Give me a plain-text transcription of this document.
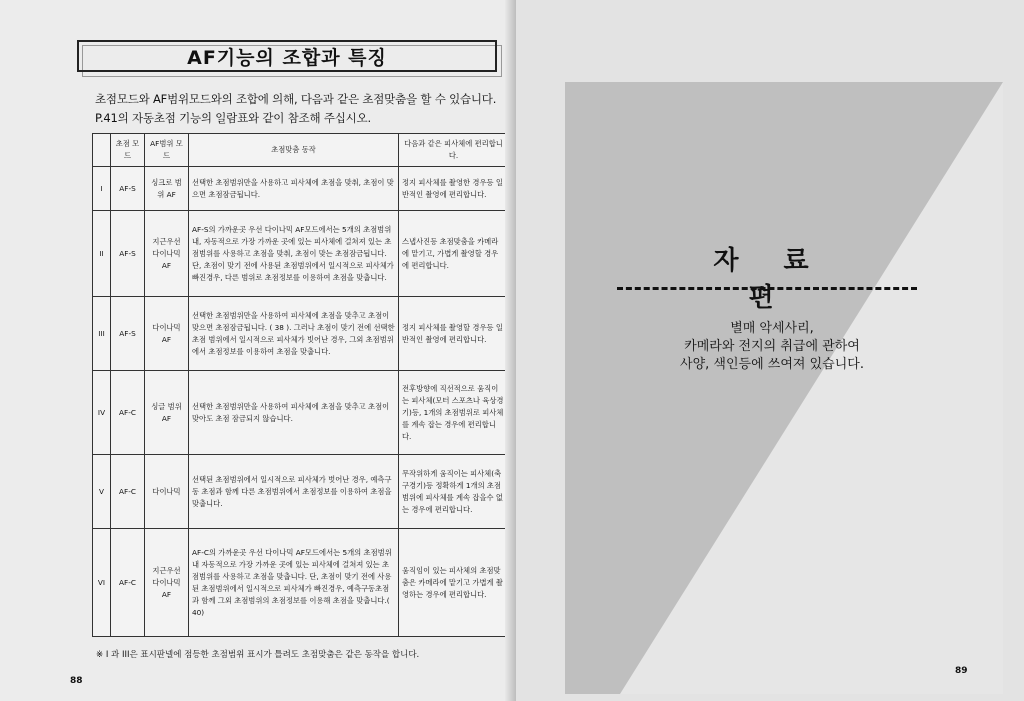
AF기능의 조합과 특징
초점모드와 AF범위모드와의 조합에 의해, 다음과 같은 초점맞춤을 할 수 있습니다. P.41의 자동초점 기능의 일람표와 같이 참조해 주십시오.
	초점 모드	AF범위 모드	초점맞춤 동작	다음과 같은 피사체에 편리합니다.
I	AF-S	싱크로 범위 AF	선택한 초점범위만을 사용하고 피사체에 초점을 맞춰, 초점이 맞으면 초점잠금됩니다.	정지 피사체를 촬영한 경우등 일반적인 촬영에 편리합니다.
II	AF-S	지근우선 다이나믹 AF	AF-S의 가까운곳 우선 다이나믹 AF모드에서는 5개의 초점범위내, 자동적으로 가장 가까운 곳에 있는 피사체에 걸쳐져 있는 초점범위를 사용하고 초점을 맞춰, 초점이 맞는 초점잠금됩니다. 단, 초점이 맞기 전에 사용된 초점범위에서 일시적으로 피사체가 빠진경우, 다른 범위로 초점정보를 이용하여 초점을 맞춥니다.	스냅사진등 초점맞춤을 카메라에 맡기고, 가볍게 촬영할 경우에 편리합니다.
III	AF-S	다이나믹 AF	선택한 초점범위만을 사용하여 피사체에 초점을 맞추고 초점이 맞으면 초점잠금됩니다. ( 38 ). 그러나 초점이 맞기 전에 선택한 초점 범위에서 일시적으로 피사체가 빗어난 경우, 그외 초점범위에서 초점정보를 이용하여 초점을 맞춥니다.	정지 피사체를 촬영할 경우등 일반적인 촬영에 편리합니다.
IV	AF-C	싱글 범위 AF	선택한 초점범위만을 사용하여 피사체에 초점을 맞추고 초점이 맞아도 초점 잠금되지 않습니다.	전후방향에 직선적으로 움직이는 피사체(모터 스포츠나 육상경기)등, 1개의 초점범위로 피사체를 계속 잡는 경우에 편리합니다.
V	AF-C	다이나믹	선택된 초점범위에서 일시적으로 피사체가 벗어난 경우, 예측구동 초점과 함께 다른 초점범위에서 초점정보를 이용하여 초점을 맞춥니다.	무작위하게 움직이는 피사체(축구경기)등 정확하게 1개의 초점범위에 피사체를 계속 잡을수 없는 경우에 편리합니다.
VI	AF-C	지근우선 다이나믹 AF	AF-C의 가까운곳 우선 다이나믹 AF모드에서는 5개의 초점범위내 자동적으로 가장 가까운 곳에 있는 피사체에 걸쳐져 있는 초점범위를 사용하고 초점을 맞춥니다. 단, 초점이 맞기 전에 사용된 초점범위에서 일시적으로 피사체가 빠진경우, 예측구동초점과 함께 그외 초점범위의 초점정보를 이용해 초점을 맞춥니다.( 40)	움직임이 있는 피사체의 초점맞춤은 카메라에 맡기고 가볍게 촬영하는 경우에 편리합니다.
※ I 과 III은 표시판넬에 점등한 초점범위 표시가 틀려도 초점맞춤은 같은 동작을 합니다.
88
자 료 편
별매 악세사리,
카메라와 전지의 취급에 관하여
사양, 색인등에 쓰여져 있습니다.
89
